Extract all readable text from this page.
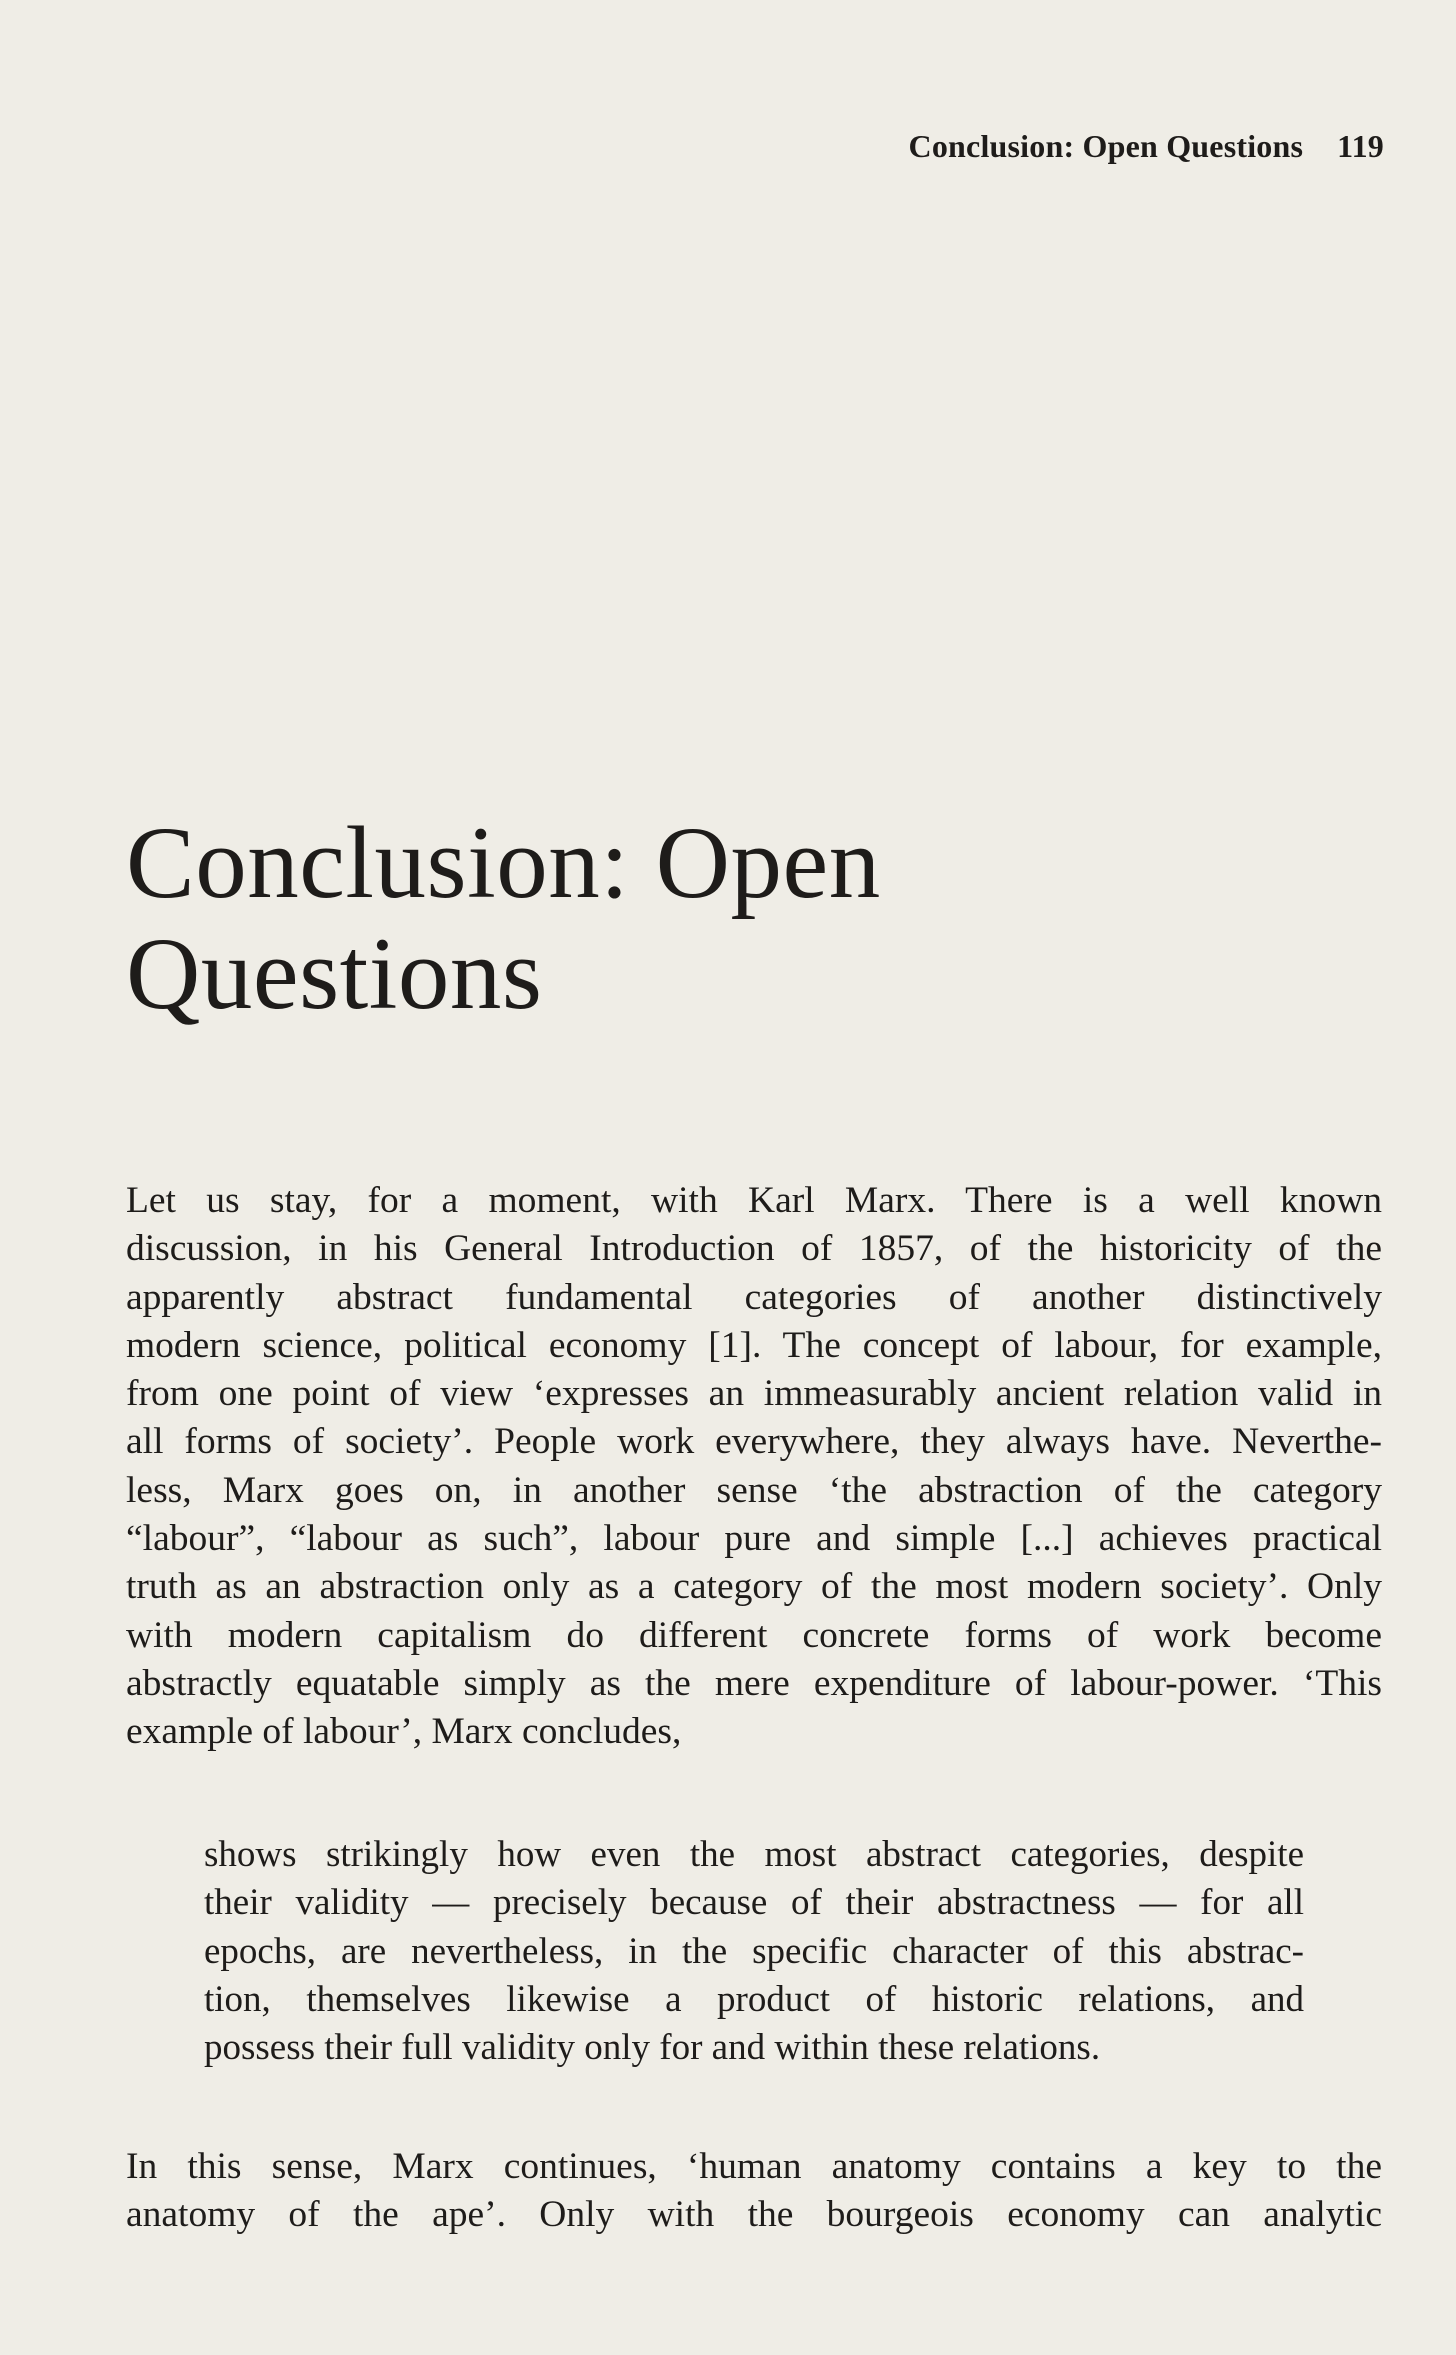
Conclusion: Open Questions 119
Conclusion: Open
Questions

Let us stay, for a moment, with Karl Marx. There is a well known
discussion, in his General Introduction of 1857, of the historicity of the
apparently abstract fundamental categories of another distinctively
modern science, political economy [1]. The concept of labour, for example,
from one point of view ‘expresses an immeasurably ancient relation valid in
all forms of society’. People work everywhere, they always have. Neverthe-
less, Marx goes on, in another sense ‘the abstraction of the category
“labour”, “labour as such”, labour pure and simple [...] achieves practical
truth as an abstraction only as a category of the most modern society’. Only
with modern capitalism do different concrete forms of work become
abstractly equatable simply as the mere expenditure of labour-power. ‘This
example of labour’, Marx concludes,

shows strikingly how even the most abstract categories, despite
their validity — precisely because of their abstractness — for all
epochs, are nevertheless, in the specific character of this abstrac-
tion, themselves likewise a product of historic relations, and
possess their full validity only for and within these relations.

In this sense, Marx continues, ‘human anatomy contains a key to the
anatomy of the ape’. Only with the bourgeois economy can analytic
